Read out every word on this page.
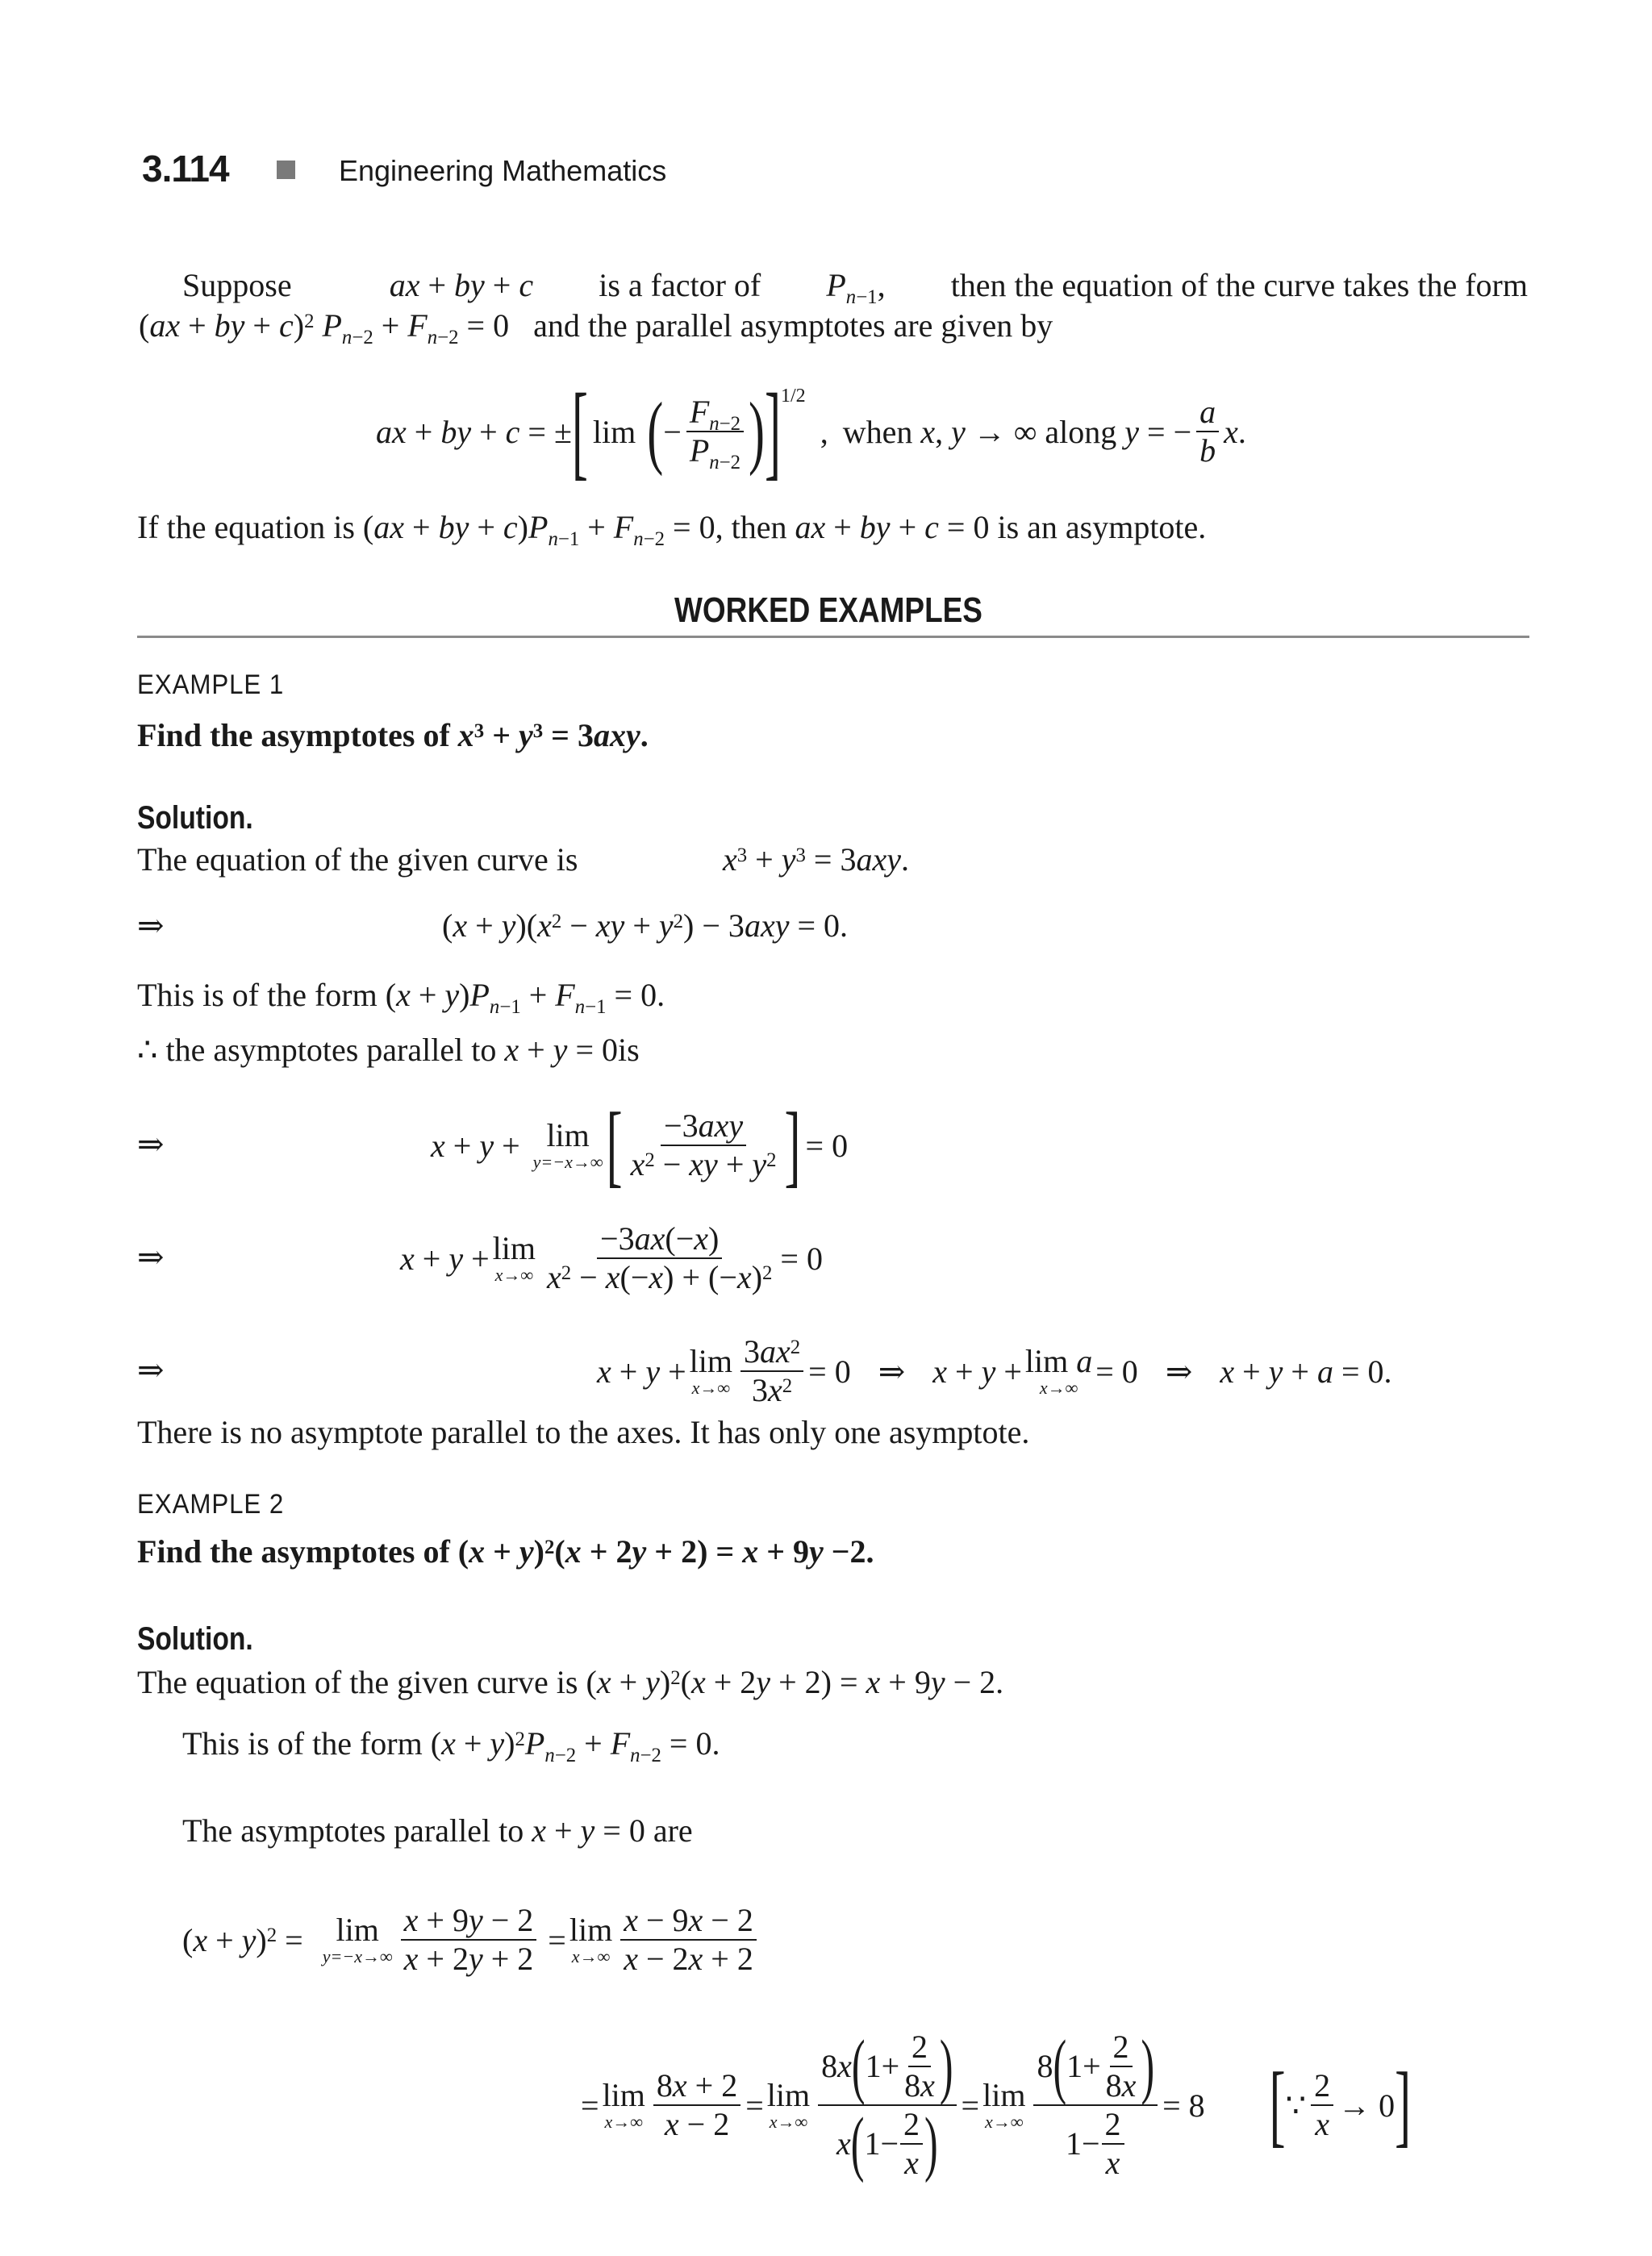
3.114	Engineering Mathematics
Suppose	ax + by + c is a factor of $P_{n-1}$, then the equation of the curve takes the form
(ax + by + c)$^2$ $P_{n-2} + F_{n-2} = 0$   and the parallel asymptotes are given by
ax + by + c = ± [ lim ( − $\frac{F_{n-2}}{P_{n-2}}$ ) ] 1/2
, when x, y → ∞ along y = − $\frac{a}{b} x$.
If the equation is (ax + by + $c)P_{n-1} + F_{n-2} = 0$, then ax + by + c = 0 is an asymptote.
WORKED EXAMPLES
EXAMPLE 1
Find the asymptotes of $x^3 + y^3 = 3axy$.
Solution.
The equation of the given curve is	$x^3 + y^3 = 3axy$.
⇒	$(x + y)(x^2$ − xy + $y^2) - 3axy = 0$.
This is of the form $(x + y)P_{n-1} + F_{n-1} = 0$.
∴ the asymptotes parallel to x + y = 0is
⇒	x + y + lim
y=−x→∞ [ $\frac{\text{−3axy}}{x^2 - xy + y^2}$ ] = 0
⇒	x + y + lim
$x\to\infty \frac{-3ax(-x)}{x^2 - x(-x) + (-x)^2} = 0$
⇒	x + y + lim
$x\to\infty \frac{3ax^2}{3x^2} = 0$ ⇒ x + y + lim a
x→∞ = 0 ⇒ x + y + a = 0.
There is no asymptote parallel to the axes. It has only one asymptote.
EXAMPLE 2
Find the asymptotes of $(x + y)^2(x + 2y + 2) = x + 9y -2$.
Solution.
The equation of the given curve is $(x + y)^2(x + 2y + 2) = x + 9y - 2$.
This is of the form $(x + y)^2P_{n-2} + F_{n-2} = 0$.
The asymptotes parallel to x + y = 0 are
$(x + y)^2 = \lim$
$y=-x\to\infty \frac{x + 9y - 2}{x + 2y + 2} = \lim$
$x\to\infty \frac{x - 9x - 2}{x - 2x + 2}$
= lim
$x\to\infty \frac{8x + 2}{x - 2} = \lim$
$x\to\infty \frac{8 x ( 1+ \frac{2}{8x} )}{x ( 1- \frac{2}{x} )} = \lim$
$x\to\infty \frac{8 ( 1+ \frac{2}{8x} )}{1- \frac{2}{x}} = 8$ [ ∵ $\frac{2}{x} \to 0$ ]
